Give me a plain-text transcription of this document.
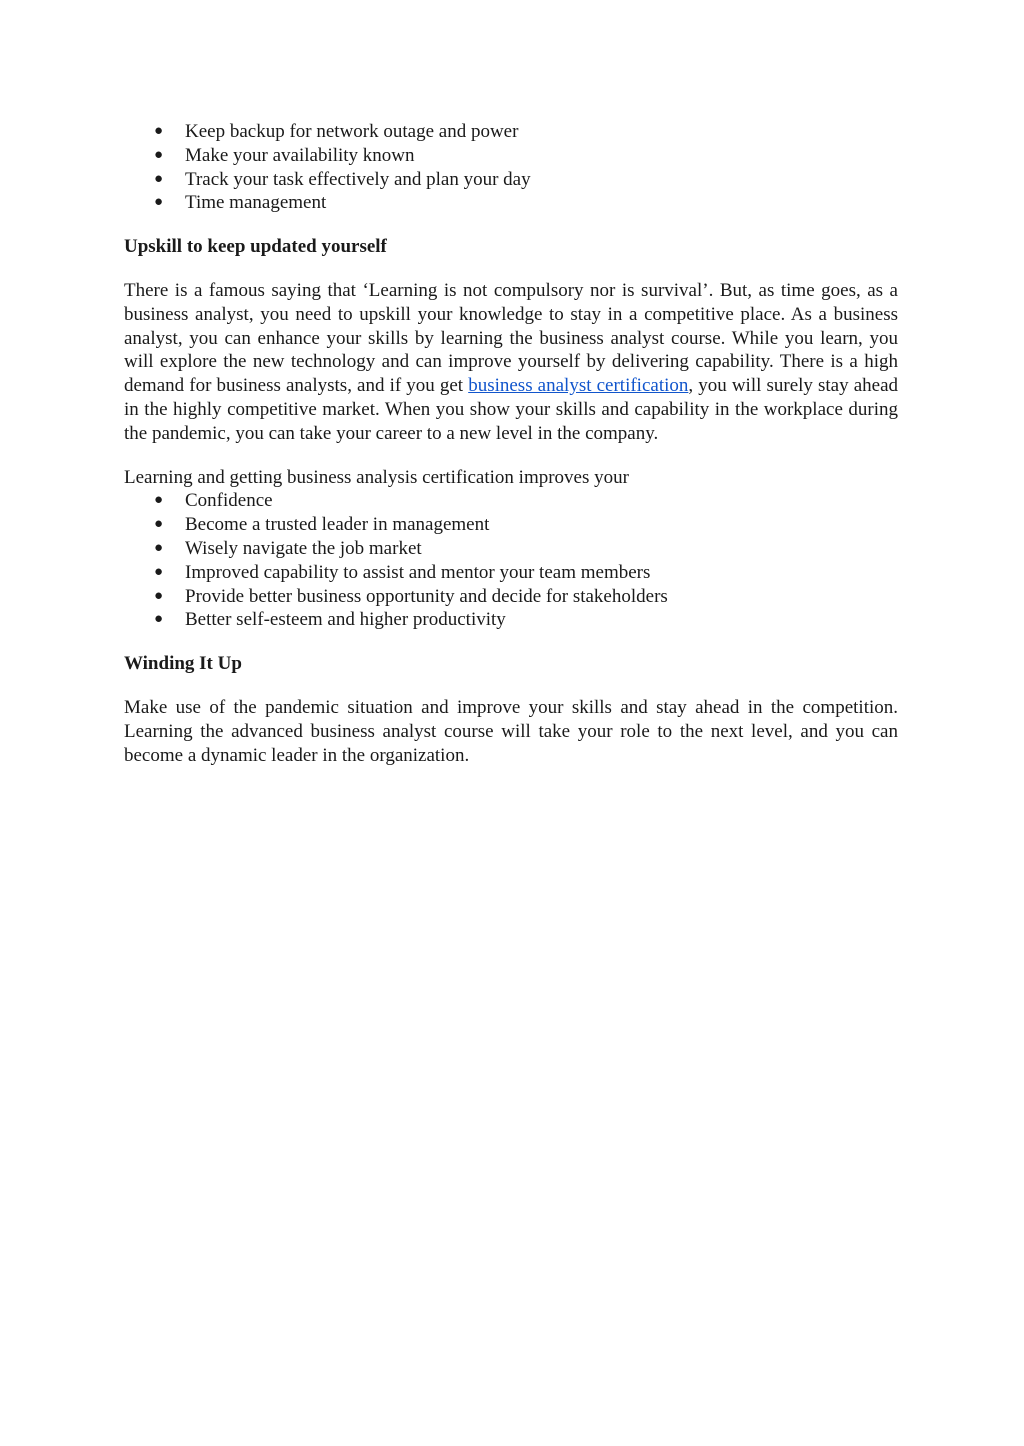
● Keep backup for network outage and power
● Make your availability known
● Track your task effectively and plan your day
● Time management
Upskill to keep updated yourself

There is a famous saying that ‘Learning is not compulsory nor is survival’. But, as time goes, as a business analyst, you need to upskill your knowledge to stay in a competitive place. As a business analyst, you can enhance your skills by learning the business analyst course. While you learn, you will explore the new technology and can improve yourself by delivering capability. There is a high demand for business analysts, and if you get business analyst certification, you will surely stay ahead in the highly competitive market. When you show your skills and capability in the workplace during the pandemic, you can take your career to a new level in the company.

Learning and getting business analysis certification improves your

● Confidence
● Become a trusted leader in management
● Wisely navigate the job market
● Improved capability to assist and mentor your team members
● Provide better business opportunity and decide for stakeholders
● Better self-esteem and higher productivity
Winding It Up

Make use of the pandemic situation and improve your skills and stay ahead in the competition. Learning the advanced business analyst course will take your role to the next level, and you can become a dynamic leader in the organization.
